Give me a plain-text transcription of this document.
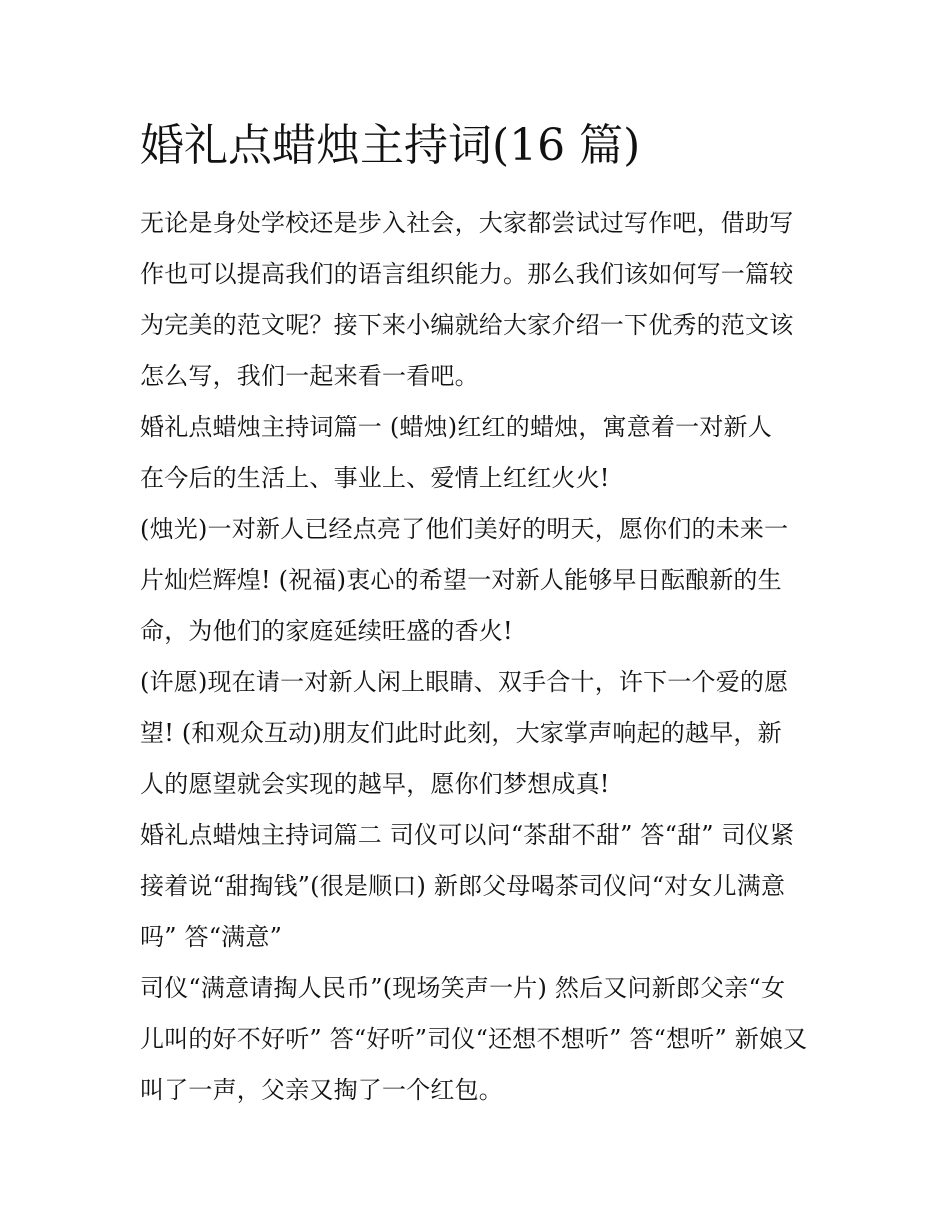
婚礼点蜡烛主持词(16 篇)

无论是身处学校还是步入社会，大家都尝试过写作吧，借助写
作也可以提高我们的语言组织能力。那么我们该如何写一篇较
为完美的范文呢？接下来小编就给大家介绍一下优秀的范文该
怎么写，我们一起来看一看吧。

婚礼点蜡烛主持词篇一 (蜡烛)红红的蜡烛，寓意着一对新人
在今后的生活上、事业上、爱情上红红火火!

(烛光)一对新人已经点亮了他们美好的明天，愿你们的未来一
片灿烂辉煌! (祝福)衷心的希望一对新人能够早日酝酿新的生
命，为他们的家庭延续旺盛的香火!

(许愿)现在请一对新人闲上眼睛、双手合十，许下一个爱的愿
望! (和观众互动)朋友们此时此刻，大家掌声响起的越早，新
人的愿望就会实现的越早，愿你们梦想成真!

婚礼点蜡烛主持词篇二 司仪可以问“茶甜不甜” 答“甜” 司仪紧
接着说“甜掏钱”(很是顺口) 新郎父母喝茶司仪问“对女儿满意
吗” 答“满意”

司仪“满意请掏人民币”(现场笑声一片) 然后又问新郎父亲“女
儿叫的好不好听” 答“好听”司仪“还想不想听” 答“想听” 新娘又
叫了一声，父亲又掏了一个红包。
